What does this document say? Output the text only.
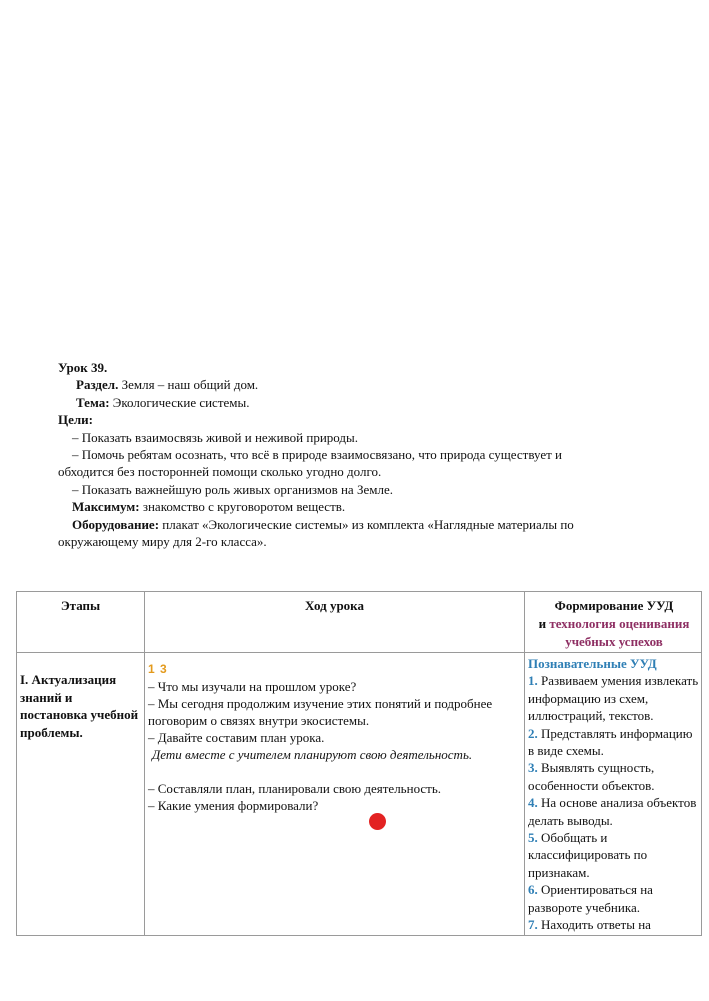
Урок 39.
Раздел. Земля – наш общий дом.
Тема: Экологические системы.
Цели:
– Показать взаимосвязь живой и неживой природы.
– Помочь ребятам осознать, что всё в природе взаимосвязано, что природа существует и
обходится без посторонней помощи сколько угодно долго.
– Показать важнейшую роль живых организмов на Земле.
Максимум: знакомство с круговоротом веществ.
Оборудование: плакат «Экологические системы» из комплекта «Наглядные материалы по
окружающему миру для 2-го класса».
Этапы	Ход урока	Формирование УУД
и технология оценивания
учебных успехов
I. Актуализация знаний и постановка учебной проблемы.
1 3
– Что мы изучали на прошлом уроке?
– Мы сегодня продолжим изучение этих понятий и подробнее поговорим о связях внутри экосистемы.
– Давайте составим план урока.
Дети вместе с учителем планируют свою деятельность.
– Составляли план, планировали свою деятельность.
– Какие умения формировали?
Познавательные УУД
1. Развиваем умения извлекать информацию из схем, иллюстраций, текстов.
2. Представлять информацию в виде схемы.
3. Выявлять сущность, особенности объектов.
4. На основе анализа объектов делать выводы.
5. Обобщать и классифицировать по признакам.
6. Ориентироваться на развороте учебника.
7. Находить ответы на
